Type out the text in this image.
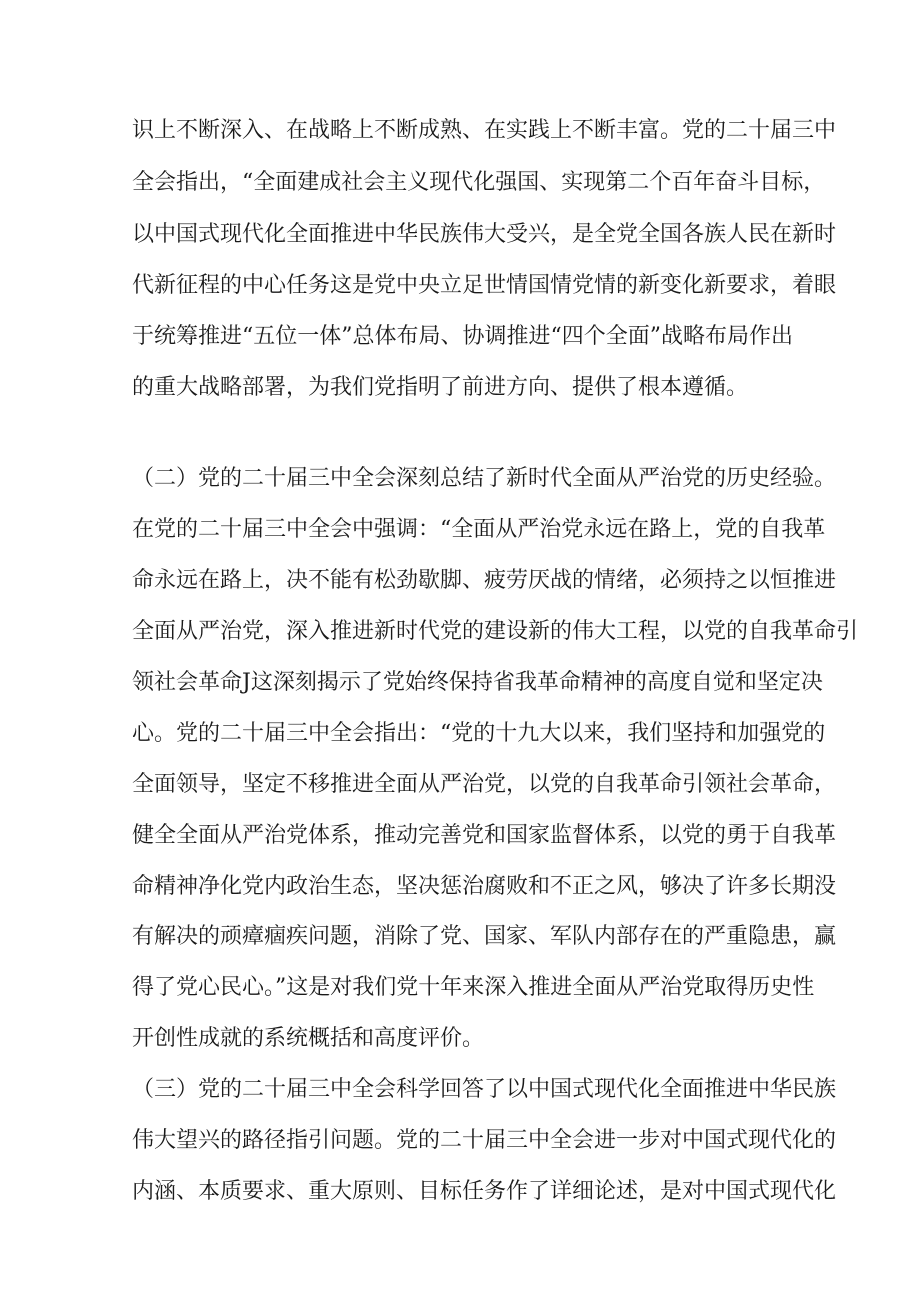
识上不断深入、在战略上不断成熟、在实践上不断丰富。党的二十届三中
全会指出，“全面建成社会主义现代化强国、实现第二个百年奋斗目标，
以中国式现代化全面推进中华民族伟大受兴，是全党全国各族人民在新时
代新征程的中心任务这是党中央立足世情国情党情的新变化新要求，着眼
于统筹推进“五位一体”总体布局、协调推进“四个全面”战略布局作出
的重大战略部署，为我们党指明了前进方向、提供了根本遵循。
（二）党的二十届三中全会深刻总结了新时代全面从严治党的历史经验。
在党的二十届三中全会中强调：“全面从严治党永远在路上，党的自我革
命永远在路上，决不能有松劲歇脚、疲劳厌战的情绪，必须持之以恒推进
全面从严治党，深入推进新时代党的建设新的伟大工程，以党的自我革命引
领社会革命J这深刻揭示了党始终保持省我革命精神的高度自觉和坚定决
心。党的二十届三中全会指出：“党的十九大以来，我们坚持和加强党的
全面领导，坚定不移推进全面从严治党，以党的自我革命引领社会革命，
健全全面从严治党体系，推动完善党和国家监督体系，以党的勇于自我革
命精神净化党内政治生态，坚决惩治腐败和不正之风，够决了许多长期没
有解决的顽瘴痼疾问题，消除了党、国家、军队内部存在的严重隐患，赢
得了党心民心。”这是对我们党十年来深入推进全面从严治党取得历史性
开创性成就的系统概括和高度评价。
（三）党的二十届三中全会科学回答了以中国式现代化全面推进中华民族
伟大望兴的路径指引问题。党的二十届三中全会进一步对中国式现代化的
内涵、本质要求、重大原则、目标任务作了详细论述，是对中国式现代化
